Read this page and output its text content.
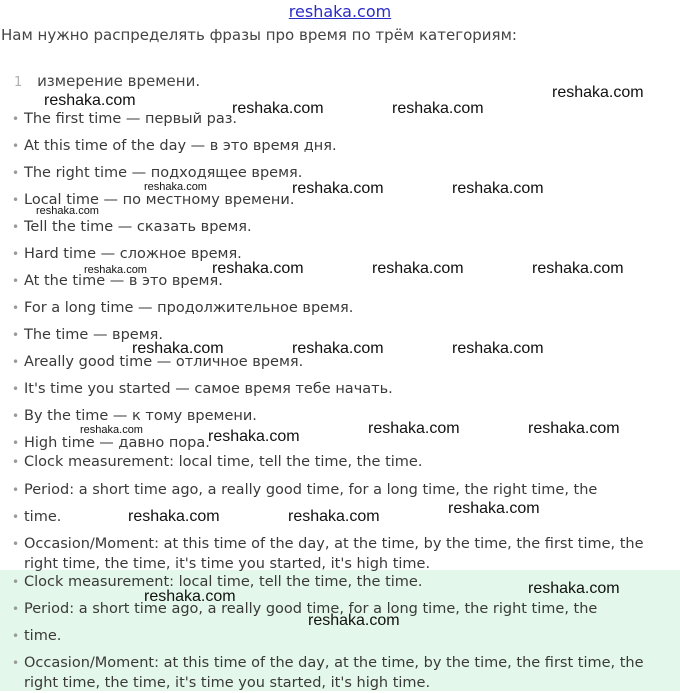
reshaka.com
Нам нужно распределять фразы про время по трём категориям:
1 измерение времени.
• The first time — первый раз.
• At this time of the day — в это время дня.
• The right time — подходящее время.
• Local time — по местному времени.
• Tell the time — сказать время.
• Hard time — сложное время.
• At the time — в это время.
• For a long time — продолжительное время.
• The time — время.
• Areally good time — отличное время.
• It's time you started — самое время тебе начать.
• By the time — к тому времени.
• High time — давно пора.
• Clock measurement: local time, tell the time, the time.
• Period: a short time ago, a really good time, for a long time, the right time, the
• time.
• Occasion/Moment: at this time of the day, at the time, by the time, the first time, the right time, the time, it's time you started, it's high time.
• Clock measurement: local time, tell the time, the time.
• Period: a short time ago, a really good time, for a long time, the right time, the
• time.
• Occasion/Moment: at this time of the day, at the time, by the time, the first time, the right time, the time, it's time you started, it's high time.
reshaka.com	reshaka.com	reshaka.com
reshaka.com
reshaka.com	reshaka.com	reshaka.com
reshaka.com
reshaka.com	reshaka.com	reshaka.com	reshaka.com
reshaka.com	reshaka.com	reshaka.com
reshaka.com	reshaka.com	reshaka.com	reshaka.com
reshaka.com	reshaka.com	reshaka.com
reshaka.com
reshaka.com
reshaka.com
